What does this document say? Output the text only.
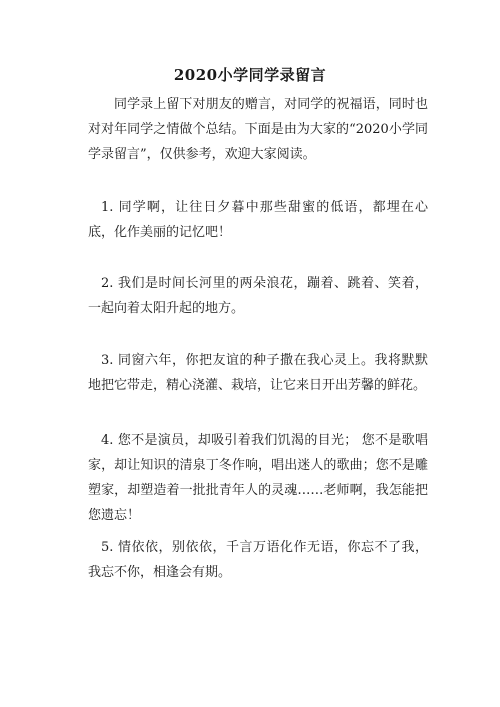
2020小学同学录留言

同学录上留下对朋友的赠言，对同学的祝福语，同时也对对年同学之情做个总结。下面是由为大家的“2020小学同学录留言”，仅供参考，欢迎大家阅读。

1. 同学啊，让往日夕暮中那些甜蜜的低语，都埋在心底，化作美丽的记忆吧！

2. 我们是时间长河里的两朵浪花，蹦着、跳着、笑着，一起向着太阳升起的地方。

3. 同窗六年，你把友谊的种子撒在我心灵上。我将默默地把它带走，精心浇灌、栽培，让它来日开出芳馨的鲜花。

4. 您不是演员，却吸引着我们饥渴的目光； 您不是歌唱家，却让知识的清泉丁冬作响，唱出迷人的歌曲；您不是雕塑家，却塑造着一批批青年人的灵魂……老师啊，我怎能把您遗忘！

5. 情依依，别依依，千言万语化作无语，你忘不了我，我忘不你，相逢会有期。
